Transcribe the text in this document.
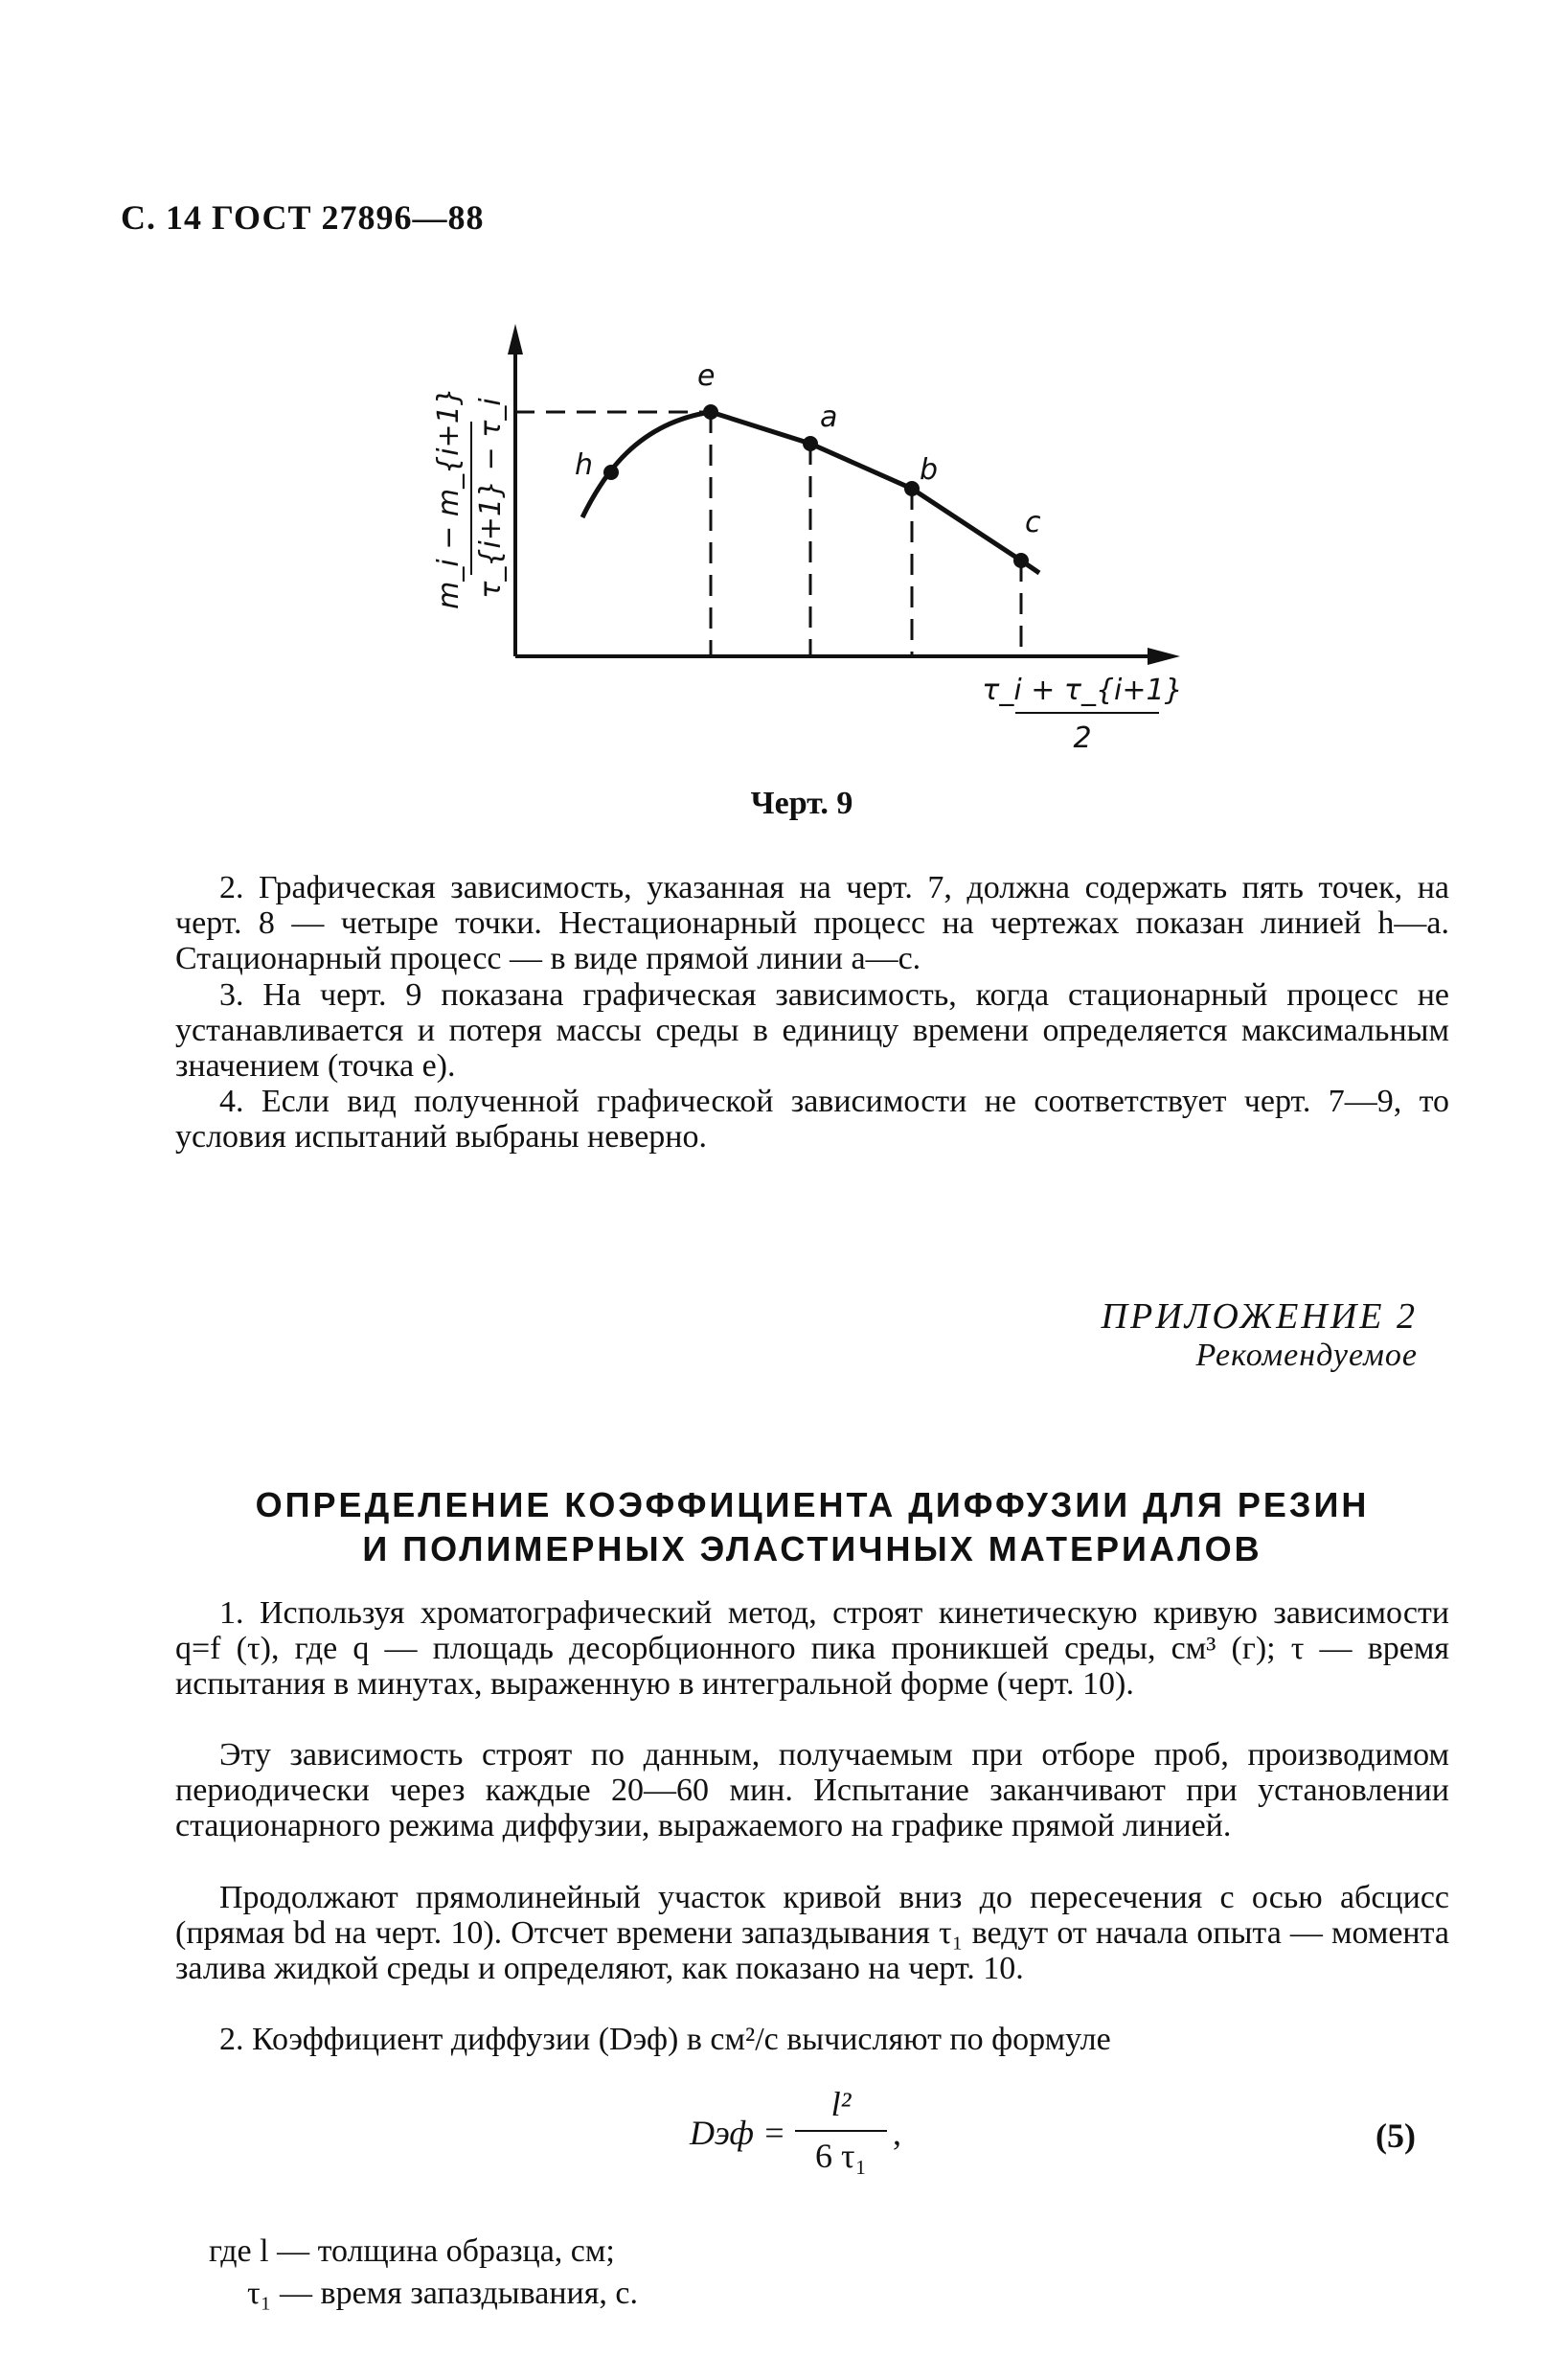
С. 14 ГОСТ 27896—88
h
e
a
b
c
m_i − m_{i+1} τ_{i+1} − τ_i
τ_i + τ_{i+1}
2
Черт. 9
2. Графическая зависимость, указанная на черт. 7, должна содержать пять точек, на черт. 8 — четыре точки. Нестационарный процесс на чертежах показан линией h—a. Стационарный процесс — в виде прямой линии a—c.
3. На черт. 9 показана графическая зависимость, когда стационарный процесс не устанавливается и потеря массы среды в единицу времени определяется максимальным значением (точка e).
4. Если вид полученной графической зависимости не соответствует черт. 7—9, то условия испытаний выбраны неверно.
ПРИЛОЖЕНИЕ 2
Рекомендуемое
ОПРЕДЕЛЕНИЕ КОЭФФИЦИЕНТА ДИФФУЗИИ ДЛЯ РЕЗИН
И ПОЛИМЕРНЫХ ЭЛАСТИЧНЫХ МАТЕРИАЛОВ
1. Используя хроматографический метод, строят кинетическую кривую зависимости q=f (τ), где q — площадь десорбционного пика проникшей среды, см³ (г); τ — время испытания в минутах, выраженную в интегральной форме (черт. 10).
Эту зависимость строят по данным, получаемым при отборе проб, производимом периодически через каждые 20—60 мин. Испытание заканчивают при установлении стационарного режима диффузии, выражаемого на графике прямой линией.
Продолжают прямолинейный участок кривой вниз до пересечения с осью абсцисс (прямая bd на черт. 10). Отсчет времени запаздывания τ₁ ведут от начала опыта — момента залива жидкой среды и определяют, как показано на черт. 10.
2. Коэффициент диффузии (Dэф) в см²/с вычисляют по формуле
Dэф =
l²
6 τ₁
,	(5)
где l — толщина образца, см;
τ₁ — время запаздывания, с.
